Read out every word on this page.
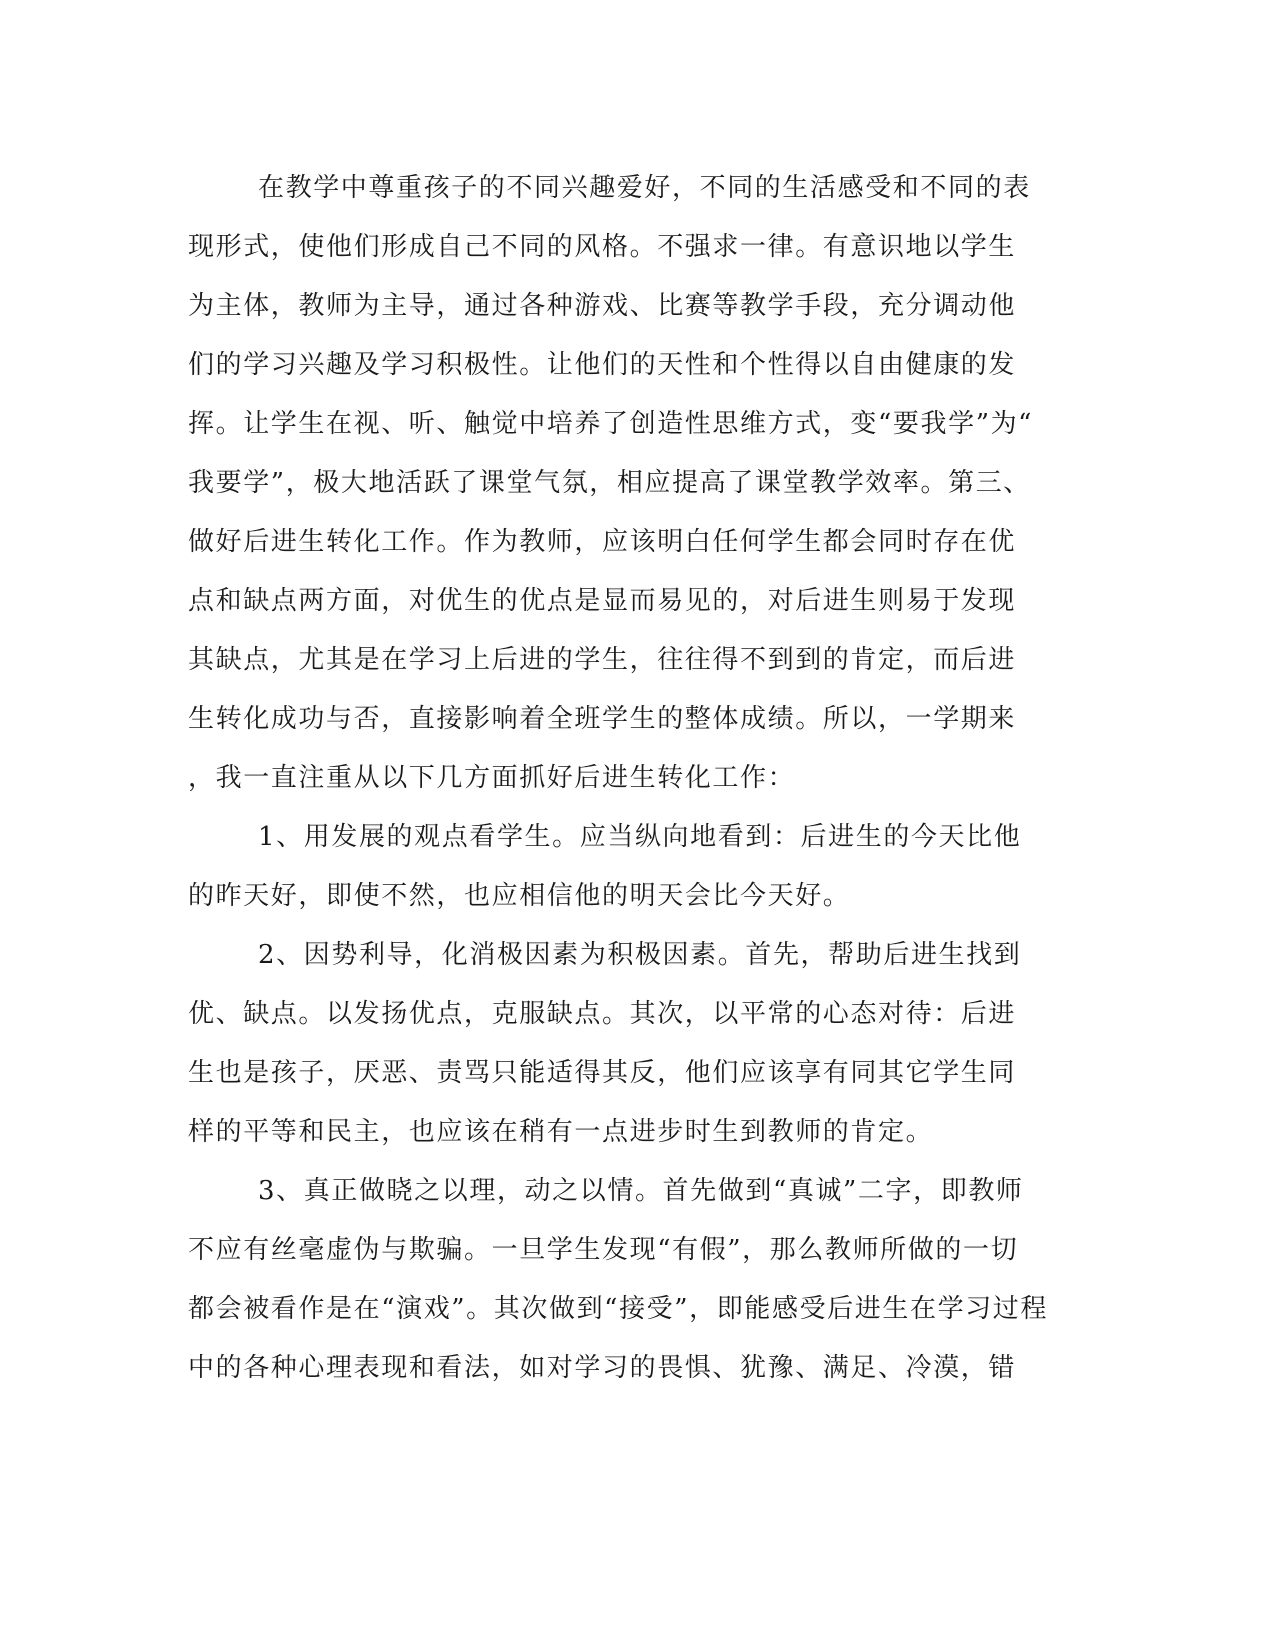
在教学中尊重孩子的不同兴趣爱好，不同的生活感受和不同的表
现形式，使他们形成自己不同的风格。不强求一律。有意识地以学生
为主体，教师为主导，通过各种游戏、比赛等教学手段，充分调动他
们的学习兴趣及学习积极性。让他们的天性和个性得以自由健康的发
挥。让学生在视、听、触觉中培养了创造性思维方式，变“要我学”为“
我要学”，极大地活跃了课堂气氛，相应提高了课堂教学效率。第三、
做好后进生转化工作。作为教师，应该明白任何学生都会同时存在优
点和缺点两方面，对优生的优点是显而易见的，对后进生则易于发现
其缺点，尤其是在学习上后进的学生，往往得不到到的肯定，而后进
生转化成功与否，直接影响着全班学生的整体成绩。所以，一学期来
，我一直注重从以下几方面抓好后进生转化工作：
1、用发展的观点看学生。应当纵向地看到：后进生的今天比他
的昨天好，即使不然，也应相信他的明天会比今天好。
2、因势利导，化消极因素为积极因素。首先，帮助后进生找到
优、缺点。以发扬优点，克服缺点。其次，以平常的心态对待：后进
生也是孩子，厌恶、责骂只能适得其反，他们应该享有同其它学生同
样的平等和民主，也应该在稍有一点进步时生到教师的肯定。
3、真正做晓之以理，动之以情。首先做到“真诚”二字，即教师
不应有丝毫虚伪与欺骗。一旦学生发现“有假”，那么教师所做的一切
都会被看作是在“演戏”。其次做到“接受”，即能感受后进生在学习过程
中的各种心理表现和看法，如对学习的畏惧、犹豫、满足、冷漠，错
